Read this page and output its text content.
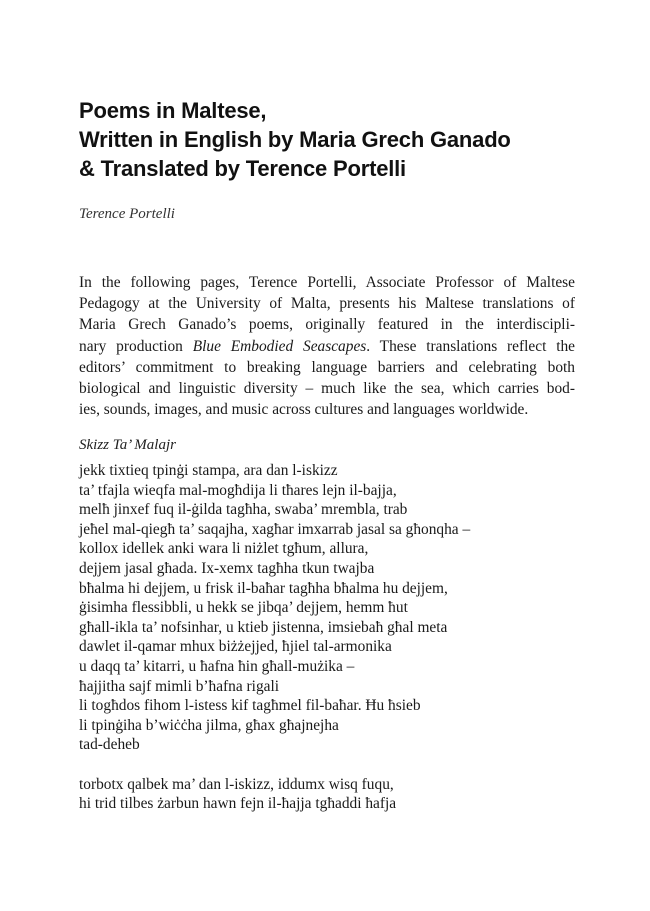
Poems in Maltese,
Written in English by Maria Grech Ganado
& Translated by Terence Portelli
Terence Portelli
In the following pages, Terence Portelli, Associate Professor of Maltese
Pedagogy at the University of Malta, presents his Maltese translations of
Maria Grech Ganado’s poems, originally featured in the interdiscipli-
nary production Blue Embodied Seascapes. These translations reflect the
editors’ commitment to breaking language barriers and celebrating both
biological and linguistic diversity – much like the sea, which carries bod-
ies, sounds, images, and music across cultures and languages worldwide.
Skizz Ta’ Malajr
jekk tixtieq tpinġi stampa, ara dan l-iskizz
ta’ tfajla wieqfa mal-mogħdija li tħares lejn il-bajja,
melħ jinxef fuq il-ġilda tagħha, swaba’ mremblа, trab
jeħel mal-qiegħ ta’ saqajha, xagħar imxarrab jasal sa għonqha –
kollox idellek anki wara li niżlet tgħum, allura,
dejjem jasal għada. Ix-xemx tagħha tkun twajba
bħalma hi dejjem, u frisk il-baħar tagħha bħalma hu dejjem,
ġisimha flessibbli, u hekk se jibqa’ dejjem, hemm ħut
għall-ikla ta’ nofsinhar, u ktieb jistenna, imsiebaħ għal meta
dawlet il-qamar mhux biżżejjed, ħjiel tal-armonika
u daqq ta’ kitarri, u ħafna ħin għall-mużika –
ħajjitha sajf mimli b’ħafna rigali
li togħdos fihom l-istess kif tagħmel fil-baħar. Ħu ħsieb
li tpinġiha b’wiċċha jilma, għax għajnejha
tad-deheb
torbotx qalbek ma’ dan l-iskizz, iddumx wisq fuqu,
hi trid tilbes żarbun hawn fejn il-ħajja tgħaddi ħafja
